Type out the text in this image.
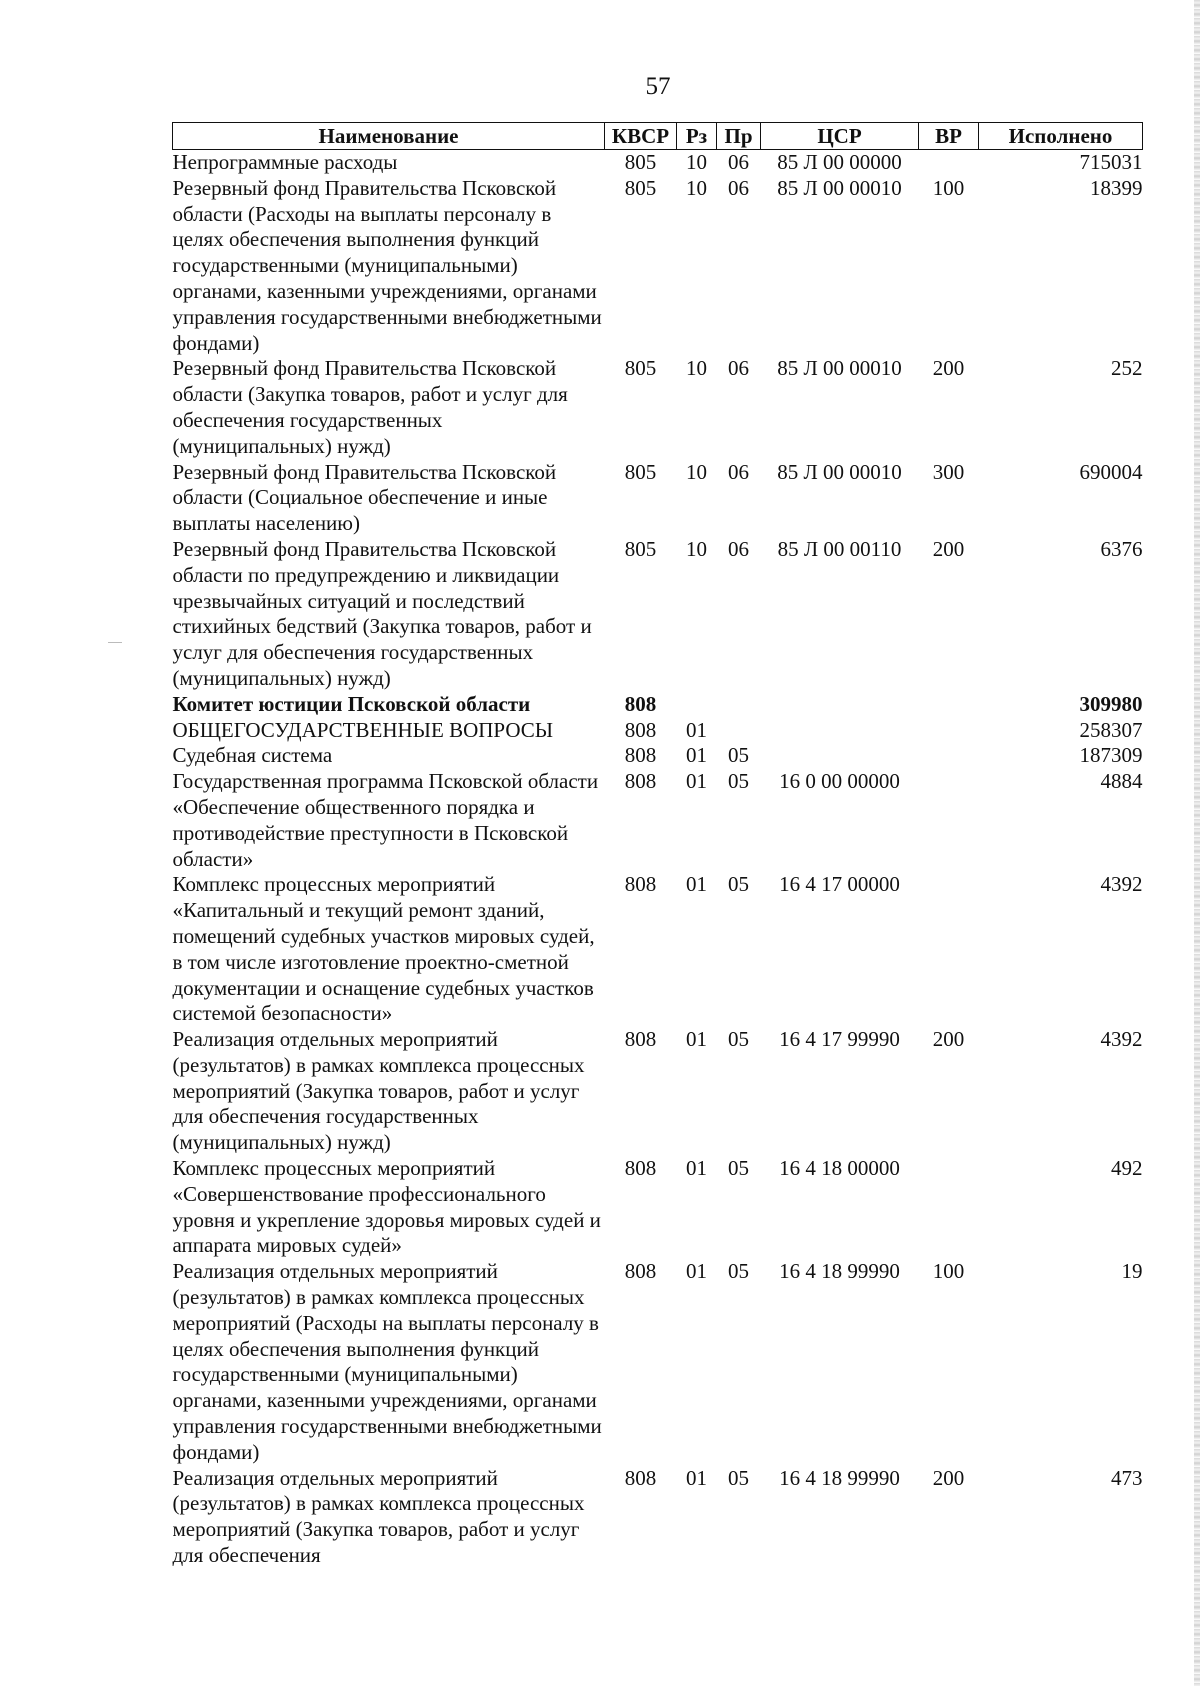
57
Наименование	КВСР	Рз	Пр	ЦСР	ВР	Исполнено
Непрограммные расходы	805	10	06	85 Л 00 00000		715031
Резервный фонд Правительства Псковской области (Расходы на выплаты персоналу в целях обеспечения выполнения функций государственными (муниципальными) органами, казенными учреждениями, органами управления государственными внебюджетными фондами)	805	10	06	85 Л 00 00010	100	18399
Резервный фонд Правительства Псковской области (Закупка товаров, работ и услуг для обеспечения государственных (муниципальных) нужд)	805	10	06	85 Л 00 00010	200	252
Резервный фонд Правительства Псковской области (Социальное обеспечение и иные выплаты населению)	805	10	06	85 Л 00 00010	300	690004
Резервный фонд Правительства Псковской области по предупреждению и ликвидации чрезвычайных ситуаций и последствий стихийных бедствий (Закупка товаров, работ и услуг для обеспечения государственных (муниципальных) нужд)	805	10	06	85 Л 00 00110	200	6376
Комитет юстиции Псковской области	808					309980
ОБЩЕГОСУДАРСТВЕННЫЕ ВОПРОСЫ	808	01				258307
Судебная система	808	01	05			187309
Государственная программа Псковской области «Обеспечение общественного порядка и противодействие преступности в Псковской области»	808	01	05	16 0 00 00000		4884
Комплекс процессных мероприятий «Капитальный и текущий ремонт зданий, помещений судебных участков мировых судей, в том числе изготовление проектно-сметной документации и оснащение судебных участков системой безопасности»	808	01	05	16 4 17 00000		4392
Реализация отдельных мероприятий (результатов) в рамках комплекса процессных мероприятий (Закупка товаров, работ и услуг для обеспечения государственных (муниципальных) нужд)	808	01	05	16 4 17 99990	200	4392
Комплекс процессных мероприятий «Совершенствование профессионального уровня и укрепление здоровья мировых судей и аппарата мировых судей»	808	01	05	16 4 18 00000		492
Реализация отдельных мероприятий (результатов) в рамках комплекса процессных мероприятий (Расходы на выплаты персоналу в целях обеспечения выполнения функций государственными (муниципальными) органами, казенными учреждениями, органами управления государственными внебюджетными фондами)	808	01	05	16 4 18 99990	100	19
Реализация отдельных мероприятий (результатов) в рамках комплекса процессных мероприятий (Закупка товаров, работ и услуг для обеспечения	808	01	05	16 4 18 99990	200	473
